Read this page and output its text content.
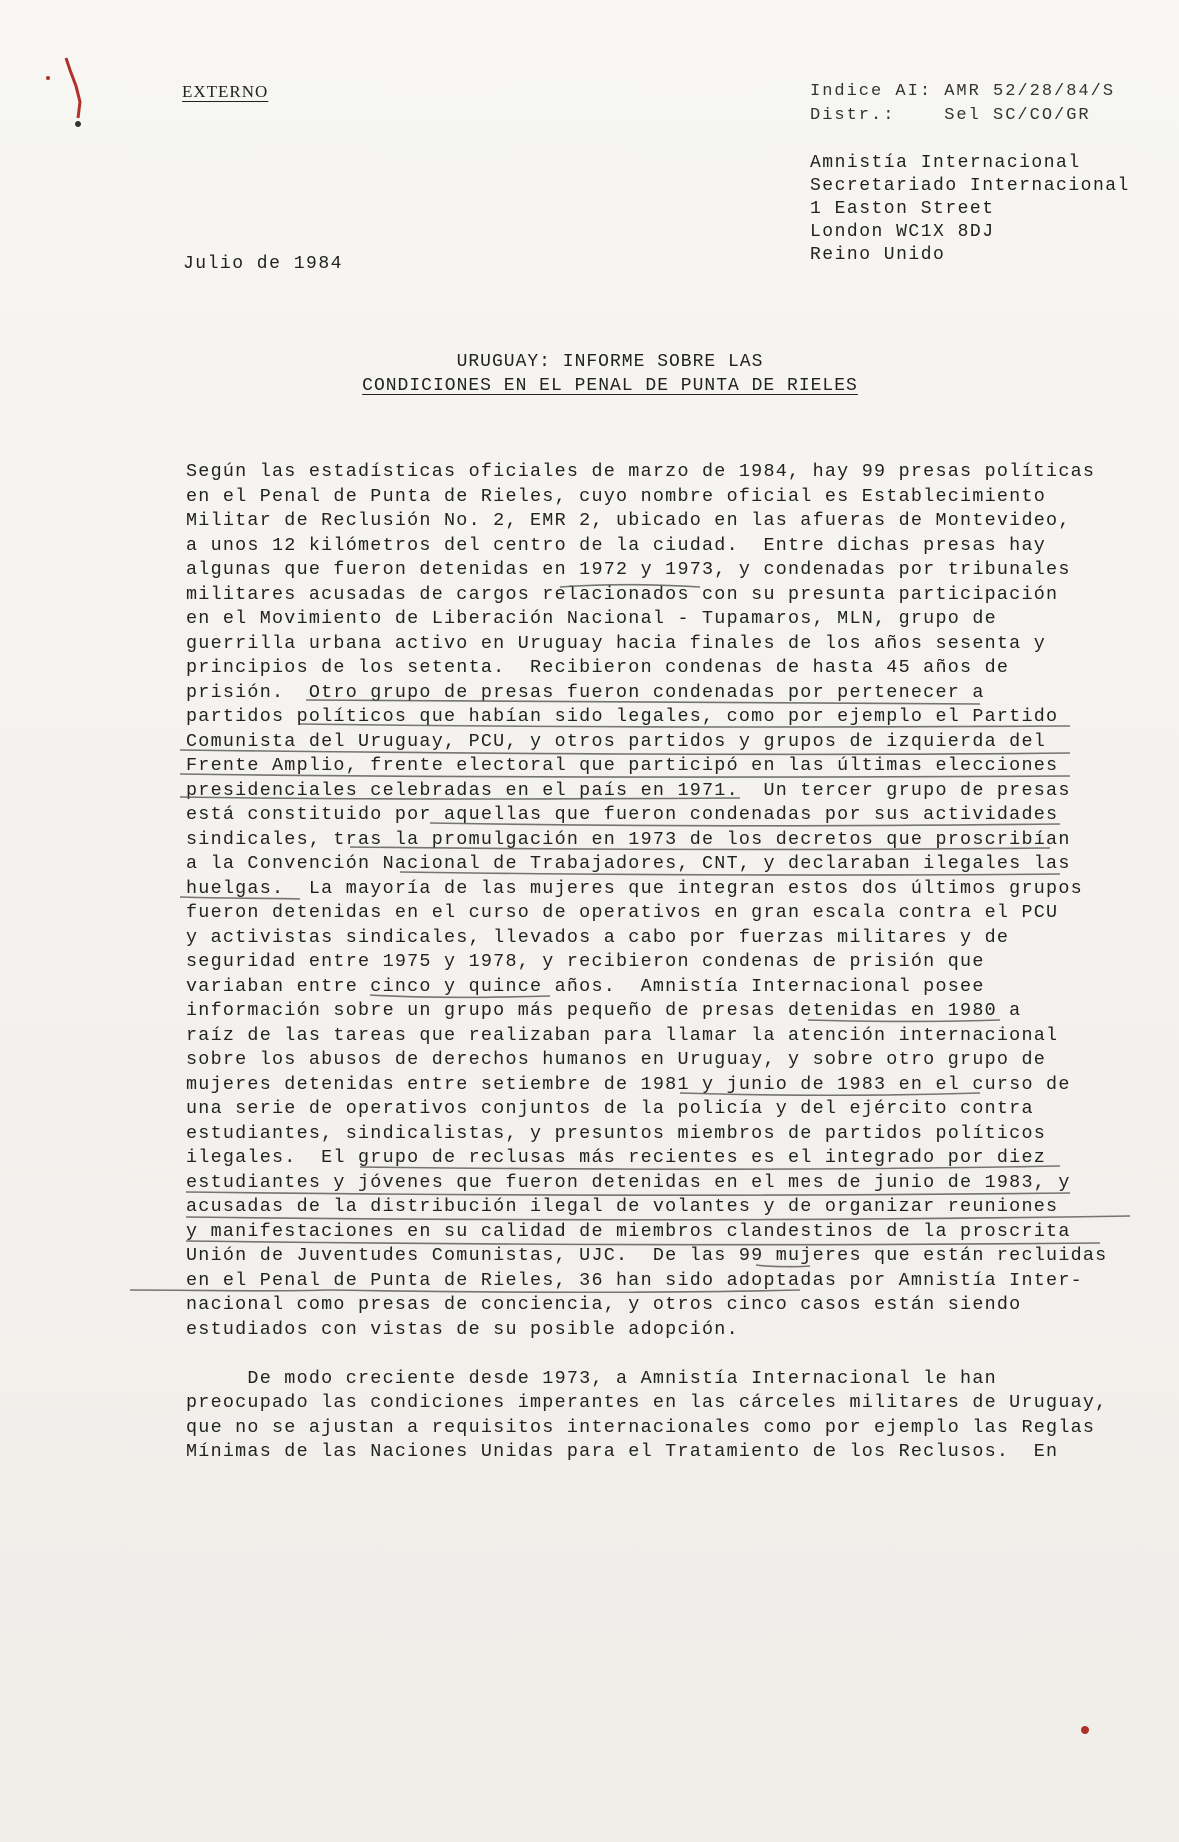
EXTERNO	Indice AI: AMR 52/28/84/S
Distr.:    Sel SC/CO/GR
Amnistía Internacional
Secretariado Internacional
1 Easton Street
London WC1X 8DJ
Reino Unido
Julio de 1984
URUGUAY: INFORME SOBRE LAS
CONDICIONES EN EL PENAL DE PUNTA DE RIELES
Según las estadísticas oficiales de marzo de 1984, hay 99 presas políticas
en el Penal de Punta de Rieles, cuyo nombre oficial es Establecimiento
Militar de Reclusión No. 2, EMR 2, ubicado en las afueras de Montevideo,
a unos 12 kilómetros del centro de la ciudad.  Entre dichas presas hay
algunas que fueron detenidas en 1972 y 1973, y condenadas por tribunales
militares acusadas de cargos relacionados con su presunta participación
en el Movimiento de Liberación Nacional - Tupamaros, MLN, grupo de
guerrilla urbana activo en Uruguay hacia finales de los años sesenta y
principios de los setenta.  Recibieron condenas de hasta 45 años de
prisión.  Otro grupo de presas fueron condenadas por pertenecer a
partidos políticos que habían sido legales, como por ejemplo el Partido
Comunista del Uruguay, PCU, y otros partidos y grupos de izquierda del
Frente Amplio, frente electoral que participó en las últimas elecciones
presidenciales celebradas en el país en 1971.  Un tercer grupo de presas
está constituido por aquellas que fueron condenadas por sus actividades
sindicales, tras la promulgación en 1973 de los decretos que proscribían
a la Convención Nacional de Trabajadores, CNT, y declaraban ilegales las
huelgas.  La mayoría de las mujeres que integran estos dos últimos grupos
fueron detenidas en el curso de operativos en gran escala contra el PCU
y activistas sindicales, llevados a cabo por fuerzas militares y de
seguridad entre 1975 y 1978, y recibieron condenas de prisión que
variaban entre cinco y quince años.  Amnistía Internacional posee
información sobre un grupo más pequeño de presas detenidas en 1980 a
raíz de las tareas que realizaban para llamar la atención internacional
sobre los abusos de derechos humanos en Uruguay, y sobre otro grupo de
mujeres detenidas entre setiembre de 1981 y junio de 1983 en el curso de
una serie de operativos conjuntos de la policía y del ejército contra
estudiantes, sindicalistas, y presuntos miembros de partidos políticos
ilegales.  El grupo de reclusas más recientes es el integrado por diez
estudiantes y jóvenes que fueron detenidas en el mes de junio de 1983, y
acusadas de la distribución ilegal de volantes y de organizar reuniones
y manifestaciones en su calidad de miembros clandestinos de la proscrita
Unión de Juventudes Comunistas, UJC.  De las 99 mujeres que están recluidas
en el Penal de Punta de Rieles, 36 han sido adoptadas por Amnistía Inter-
nacional como presas de conciencia, y otros cinco casos están siendo
estudiados con vistas de su posible adopción.
De modo creciente desde 1973, a Amnistía Internacional le han
preocupado las condiciones imperantes en las cárceles militares de Uruguay,
que no se ajustan a requisitos internacionales como por ejemplo las Reglas
Mínimas de las Naciones Unidas para el Tratamiento de los Reclusos.  En
